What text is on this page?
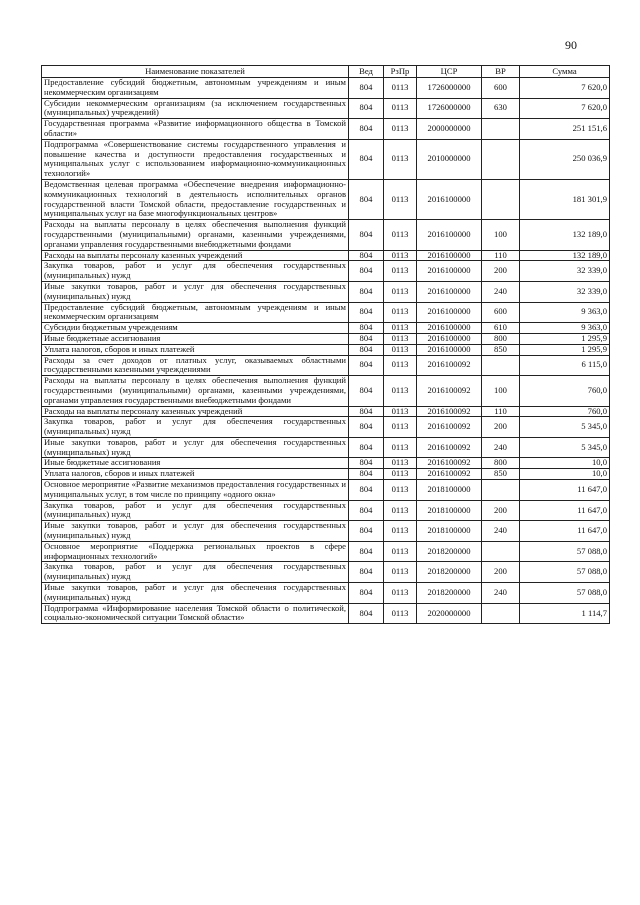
90
Наименование показателей	Вед	РзПр	ЦСР	ВР	Сумма
Предоставление субсидий бюджетным, автономным учреждениям и иным некоммерческим организациям	804	0113	1726000000	600	7 620,0
Субсидии некоммерческим организациям (за исключением государственных (муниципальных) учреждений)	804	0113	1726000000	630	7 620,0
Государственная программа «Развитие информационного общества в Томской области»	804	0113	2000000000		251 151,6
Подпрограмма «Совершенствование системы государственного управления и повышение качества и доступности предоставления государственных и муниципальных услуг с использованием информационно-коммуникационных технологий»	804	0113	2010000000		250 036,9
Ведомственная целевая программа «Обеспечение внедрения информационно-коммуникационных технологий в деятельность исполнительных органов государственной власти Томской области, предоставление государственных и муниципальных услуг на базе многофункциональных центров»	804	0113	2016100000		181 301,9
Расходы на выплаты персоналу в целях обеспечения выполнения функций государственными (муниципальными) органами, казенными учреждениями, органами управления государственными внебюджетными фондами	804	0113	2016100000	100	132 189,0
Расходы на выплаты персоналу казенных учреждений	804	0113	2016100000	110	132 189,0
Закупка товаров, работ и услуг для обеспечения государственных (муниципальных) нужд	804	0113	2016100000	200	32 339,0
Иные закупки товаров, работ и услуг для обеспечения государственных (муниципальных) нужд	804	0113	2016100000	240	32 339,0
Предоставление субсидий бюджетным, автономным учреждениям и иным некоммерческим организациям	804	0113	2016100000	600	9 363,0
Субсидии бюджетным учреждениям	804	0113	2016100000	610	9 363,0
Иные бюджетные ассигнования	804	0113	2016100000	800	1 295,9
Уплата налогов, сборов и иных платежей	804	0113	2016100000	850	1 295,9
Расходы за счет доходов от платных услуг, оказываемых областными государственными казенными учреждениями	804	0113	2016100092		6 115,0
Расходы на выплаты персоналу в целях обеспечения выполнения функций государственными (муниципальными) органами, казенными учреждениями, органами управления государственными внебюджетными фондами	804	0113	2016100092	100	760,0
Расходы на выплаты персоналу казенных учреждений	804	0113	2016100092	110	760,0
Закупка товаров, работ и услуг для обеспечения государственных (муниципальных) нужд	804	0113	2016100092	200	5 345,0
Иные закупки товаров, работ и услуг для обеспечения государственных (муниципальных) нужд	804	0113	2016100092	240	5 345,0
Иные бюджетные ассигнования	804	0113	2016100092	800	10,0
Уплата налогов, сборов и иных платежей	804	0113	2016100092	850	10,0
Основное мероприятие «Развитие механизмов предоставления государственных и муниципальных услуг, в том числе по принципу «одного окна»	804	0113	2018100000		11 647,0
Закупка товаров, работ и услуг для обеспечения государственных (муниципальных) нужд	804	0113	2018100000	200	11 647,0
Иные закупки товаров, работ и услуг для обеспечения государственных (муниципальных) нужд	804	0113	2018100000	240	11 647,0
Основное мероприятие «Поддержка региональных проектов в сфере информационных технологий»	804	0113	2018200000		57 088,0
Закупка товаров, работ и услуг для обеспечения государственных (муниципальных) нужд	804	0113	2018200000	200	57 088,0
Иные закупки товаров, работ и услуг для обеспечения государственных (муниципальных) нужд	804	0113	2018200000	240	57 088,0
Подпрограмма «Информирование населения Томской области о политической, социально-экономической ситуации Томской области»	804	0113	2020000000		1 114,7
